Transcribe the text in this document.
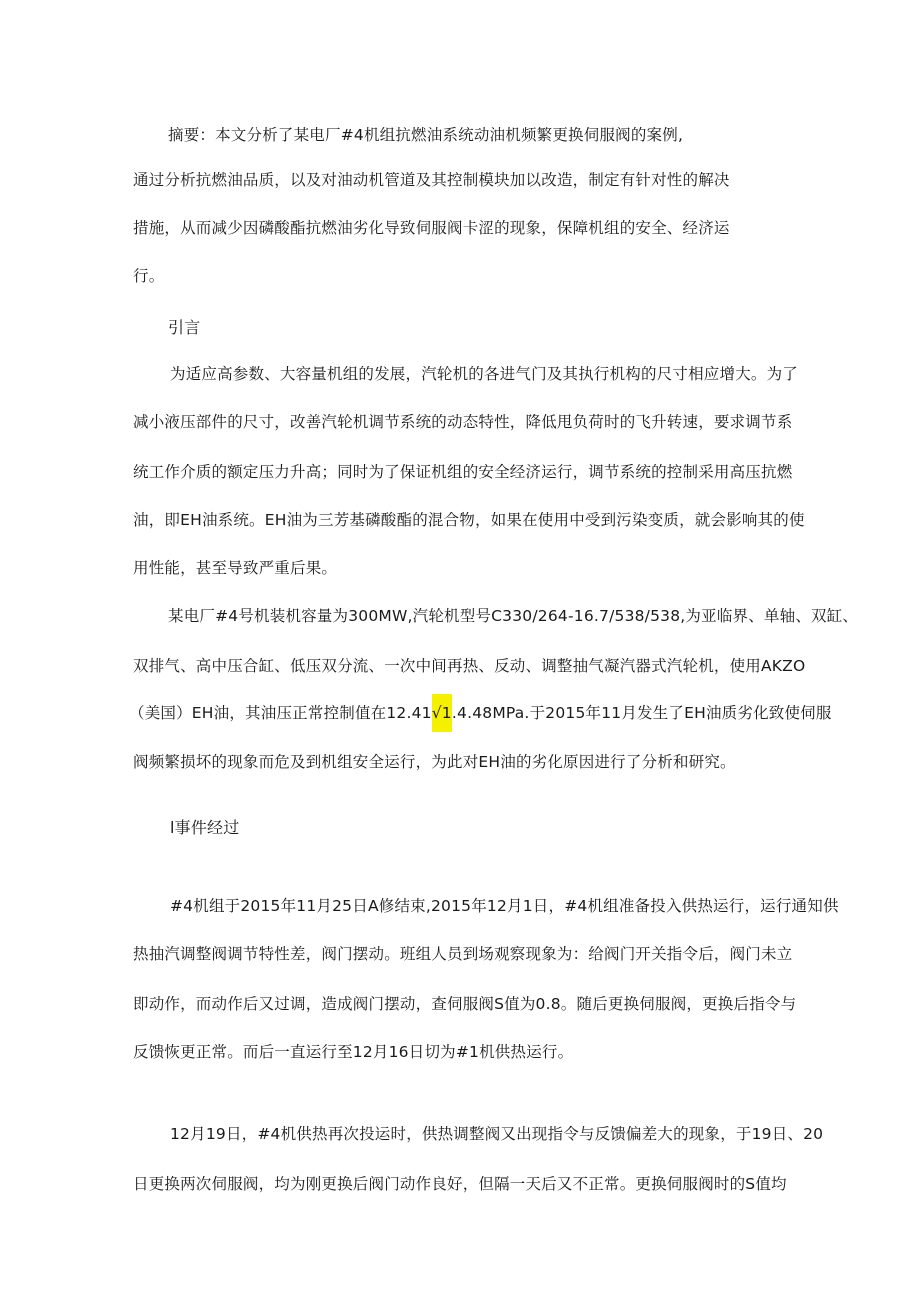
摘要：本文分析了某电厂#4机组抗燃油系统动油机频繁更换伺服阀的案例,
通过分析抗燃油品质，以及对油动机管道及其控制模块加以改造，制定有针对性的解决
措施，从而减少因磷酸酯抗燃油劣化导致伺服阀卡涩的现象，保障机组的安全、经济运
行。
引言
为适应高参数、大容量机组的发展，汽轮机的各进气门及其执行机构的尺寸相应增大。为了
减小液压部件的尺寸，改善汽轮机调节系统的动态特性，降低甩负荷时的飞升转速，要求调节系
统工作介质的额定压力升高；同时为了保证机组的安全经济运行，调节系统的控制采用高压抗燃
油，即EH油系统。EH油为三芳基磷酸酯的混合物，如果在使用中受到污染变质，就会影响其的使
用性能，甚至导致严重后果。
某电厂#4号机装机容量为300MW,汽轮机型号C330/264-16.7/538/538,为亚临界、单轴、双缸、
双排气、高中压合缸、低压双分流、一次中间再热、反动、调整抽气凝汽器式汽轮机，使用AKZO
（美国）EH油，其油压正常控制值在12.41√1.4.48MPa.于2015年11月发生了EH油质劣化致使伺服
阀频繁损坏的现象而危及到机组安全运行，为此对EH油的劣化原因进行了分析和研究。
l事件经过
#4机组于2015年11月25日A修结束,2015年12月1日，#4机组准备投入供热运行，运行通知供
热抽汽调整阀调节特性差，阀门摆动。班组人员到场观察现象为：给阀门开关指令后，阀门未立
即动作，而动作后又过调，造成阀门摆动，查伺服阀S值为0.8。随后更换伺服阀，更换后指令与
反馈恢更正常。而后一直运行至12月16日切为#1机供热运行。
12月19日，#4机供热再次投运时，供热调整阀又出现指令与反馈偏差大的现象，于19日、20
日更换两次伺服阀，均为刚更换后阀门动作良好，但隔一天后又不正常。更换伺服阀时的S值均
